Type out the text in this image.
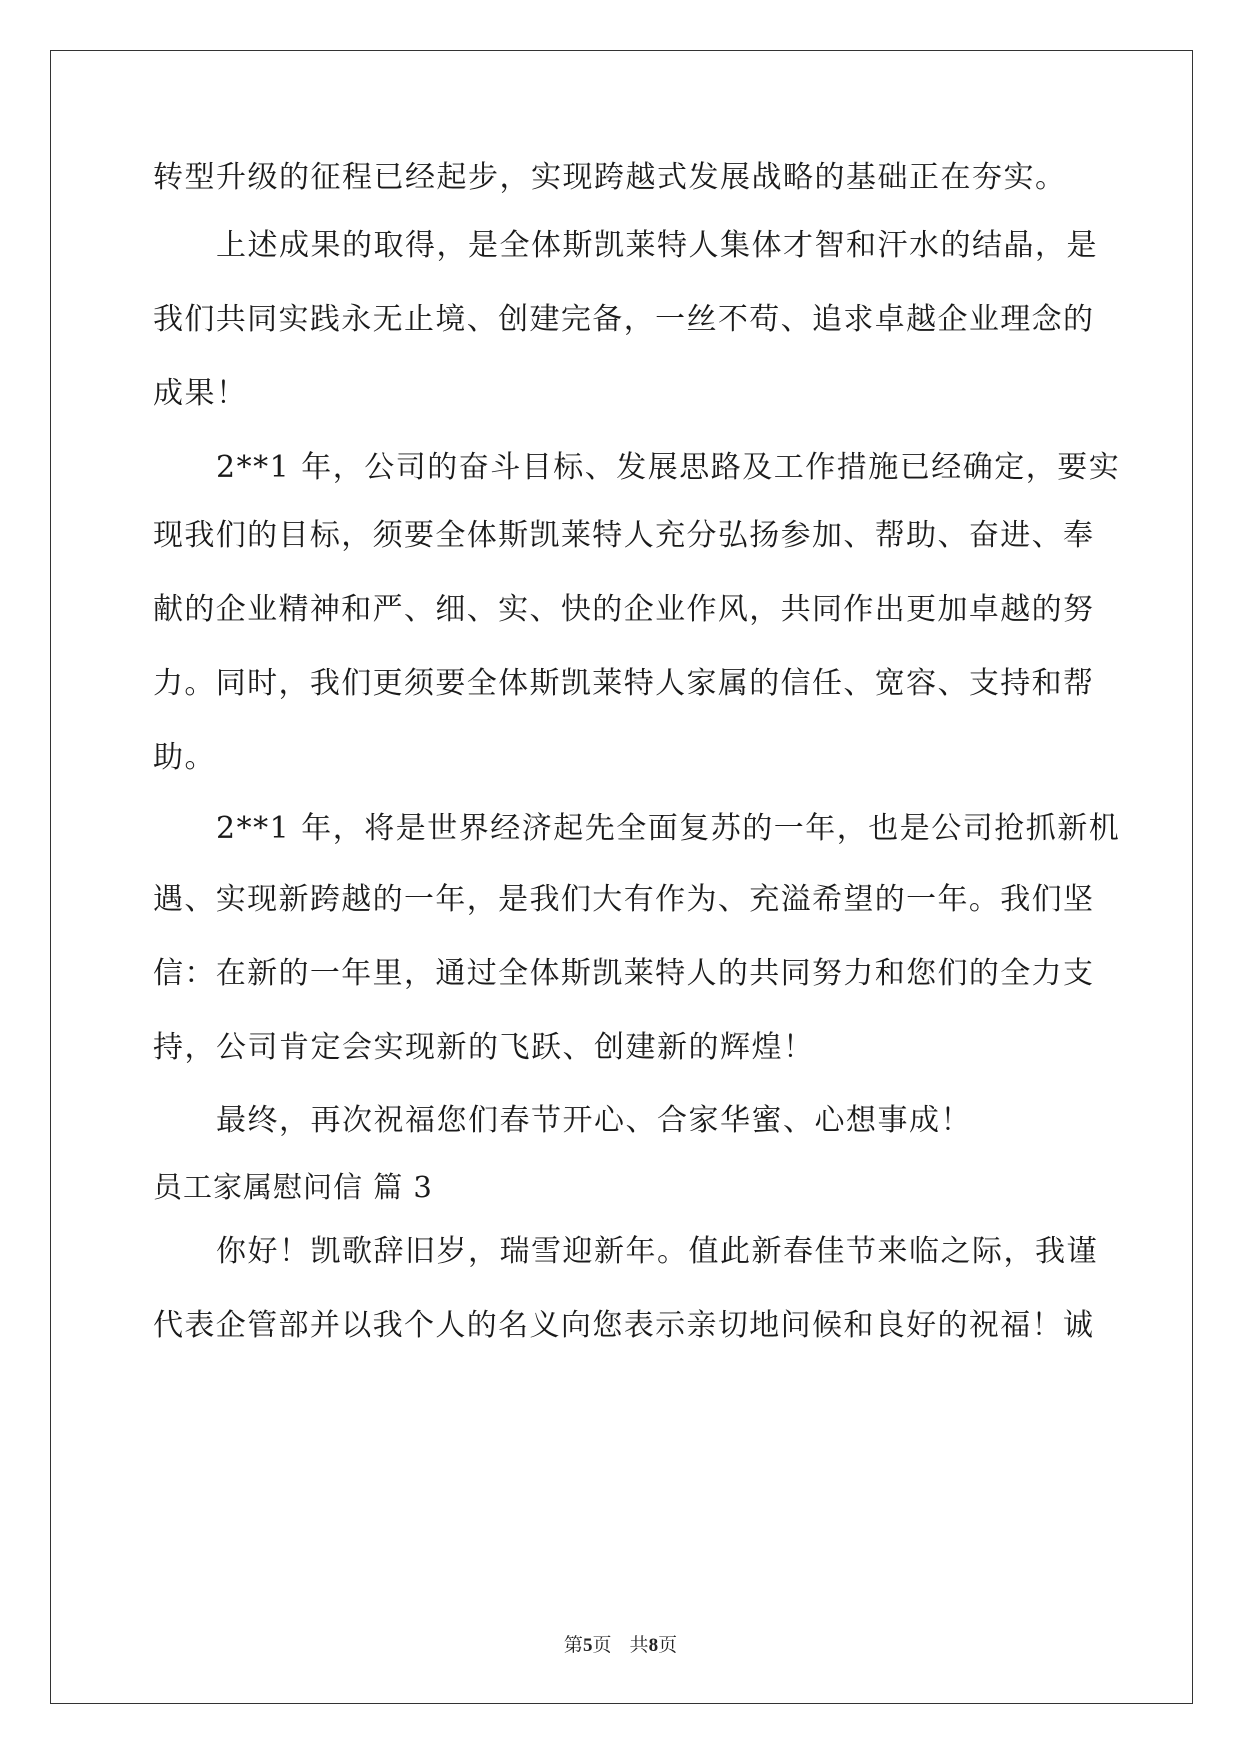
转型升级的征程已经起步，实现跨越式发展战略的基础正在夯实。
上述成果的取得，是全体斯凯莱特人集体才智和汗水的结晶，是
我们共同实践永无止境、创建完备，一丝不苟、追求卓越企业理念的
成果！
2**1 年，公司的奋斗目标、发展思路及工作措施已经确定，要实
现我们的目标，须要全体斯凯莱特人充分弘扬参加、帮助、奋进、奉
献的企业精神和严、细、实、快的企业作风，共同作出更加卓越的努
力。同时，我们更须要全体斯凯莱特人家属的信任、宽容、支持和帮
助。
2**1 年，将是世界经济起先全面复苏的一年，也是公司抢抓新机
遇、实现新跨越的一年，是我们大有作为、充溢希望的一年。我们坚
信：在新的一年里，通过全体斯凯莱特人的共同努力和您们的全力支
持，公司肯定会实现新的飞跃、创建新的辉煌！
最终，再次祝福您们春节开心、合家华蜜、心想事成！
员工家属慰问信 篇 3
你好！凯歌辞旧岁，瑞雪迎新年。值此新春佳节来临之际，我谨
代表企管部并以我个人的名义向您表示亲切地问候和良好的祝福！诚
第5页   共8页
